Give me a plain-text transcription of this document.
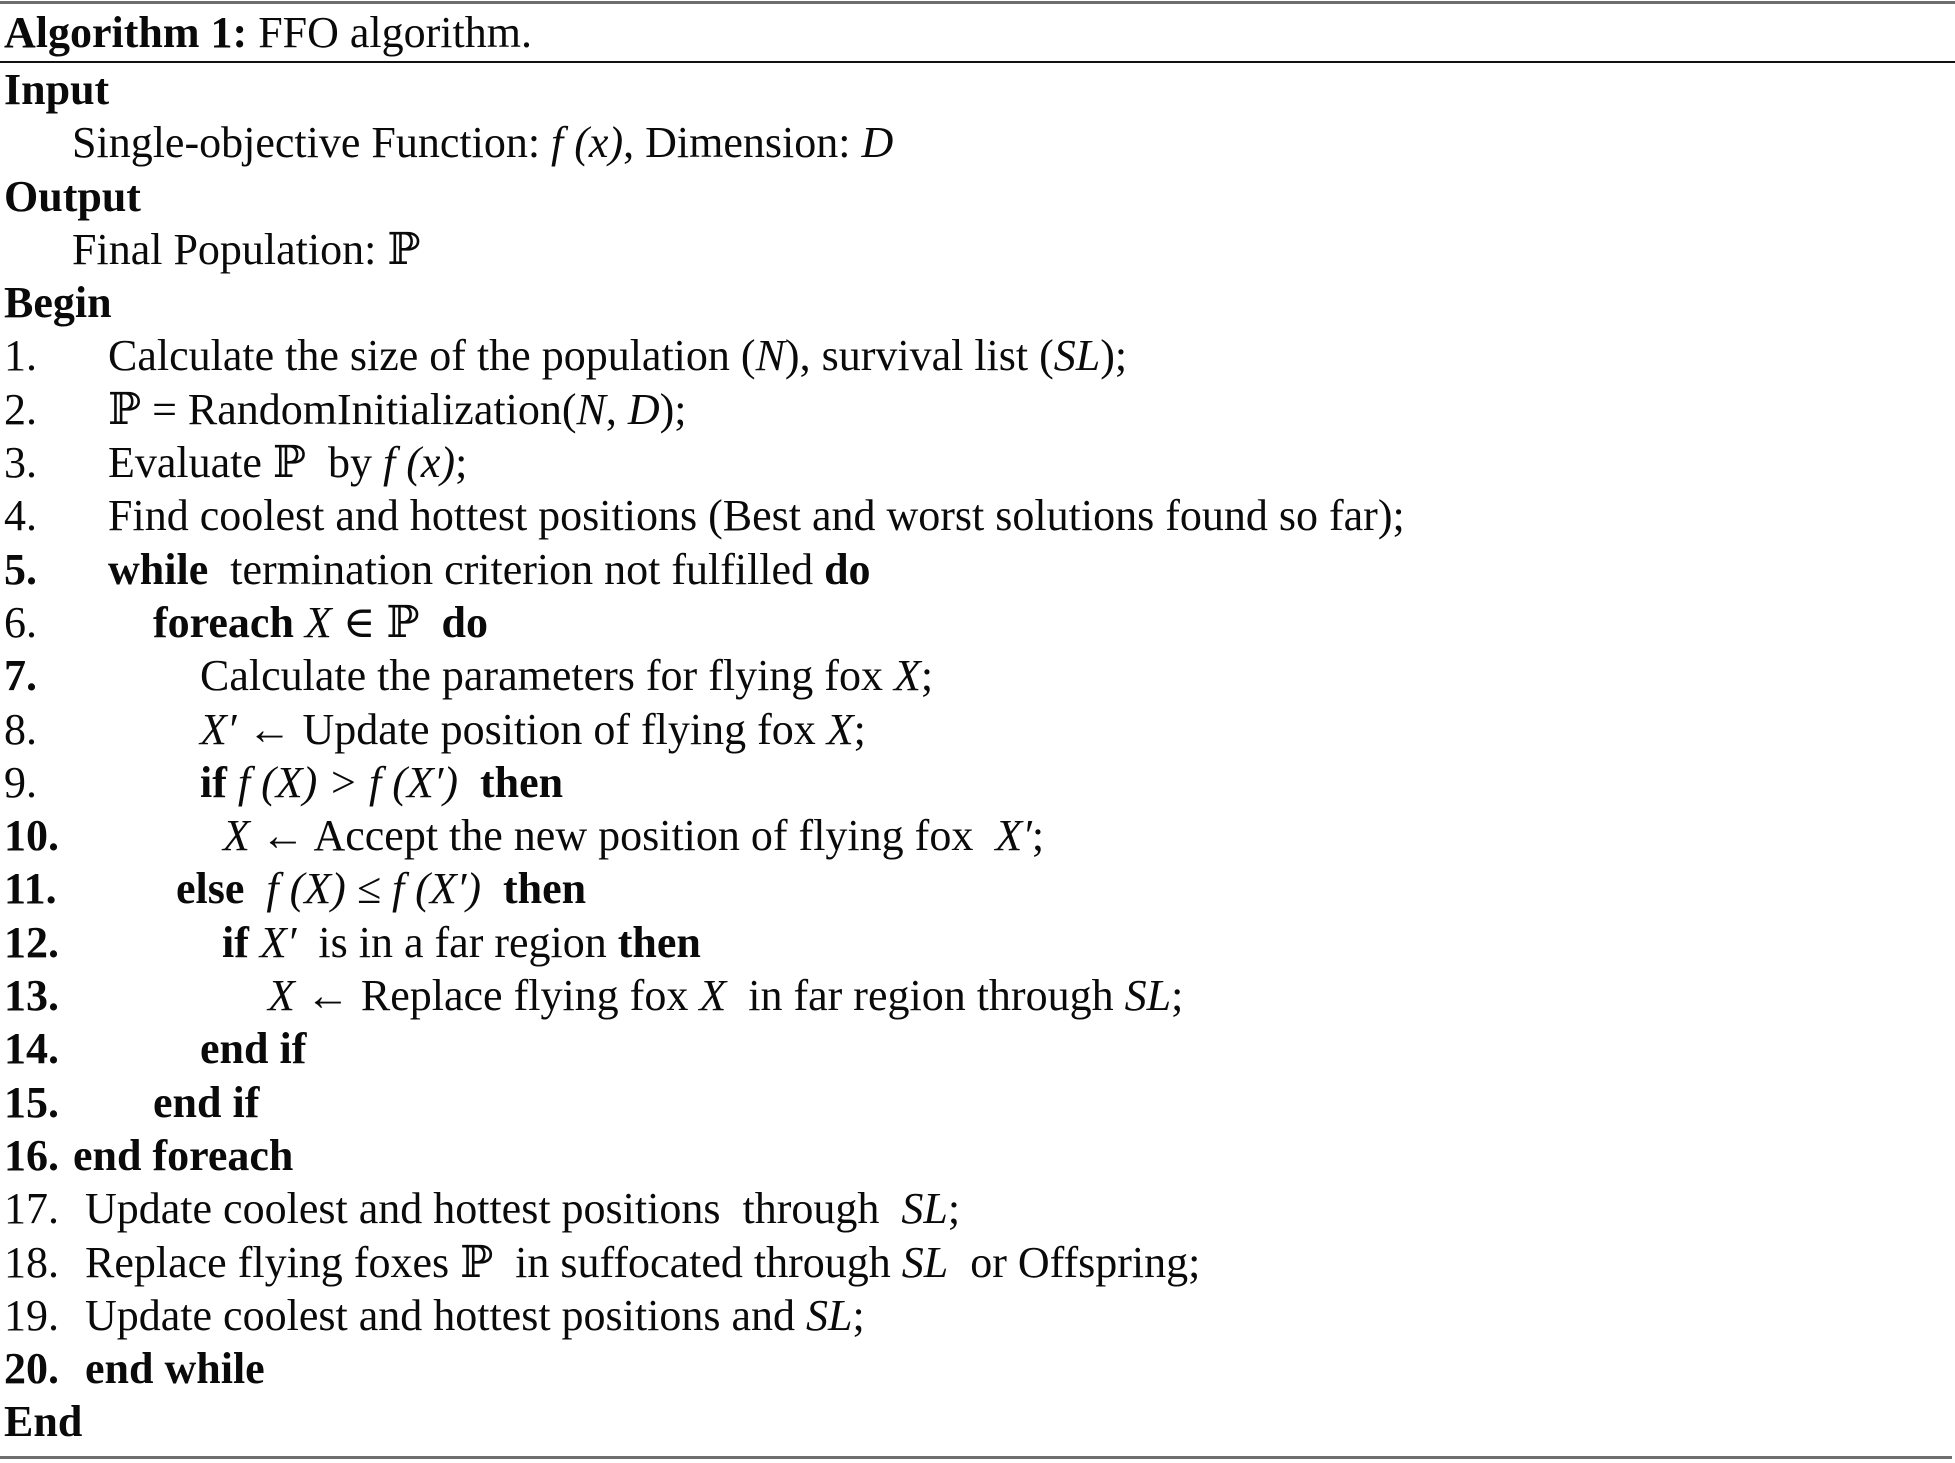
Algorithm 1: FFO algorithm.
Input
Single-objective Function: f (x), Dimension: D
Output
Final Population: ℙ
Begin
1. Calculate the size of the population (N), survival list (SL);
2. ℙ = RandomInitialization(N, D);
3. Evaluate ℙ  by f (x);
4. Find coolest and hottest positions (Best and worst solutions found so far);
5. while  termination criterion not fulfilled do
6.	foreach X ∈ ℙ  do
7.	Calculate the parameters for flying fox X;
8.	X′ ← Update position of flying fox X;
9.	if f (X) > f (X′) then
10.	X ← Accept the new position of flying fox  X′;
11.	else f (X) ≤ f (X′) then
12.	if X′  is in a far region then
13.	X ← Replace flying fox X  in far region through SL;
14.	end if
15. end if
16. end foreach
17. Update coolest and hottest positions  through  SL;
18. Replace flying foxes ℙ  in suffocated through SL  or Offspring;
19. Update coolest and hottest positions and SL;
20. end while
End
